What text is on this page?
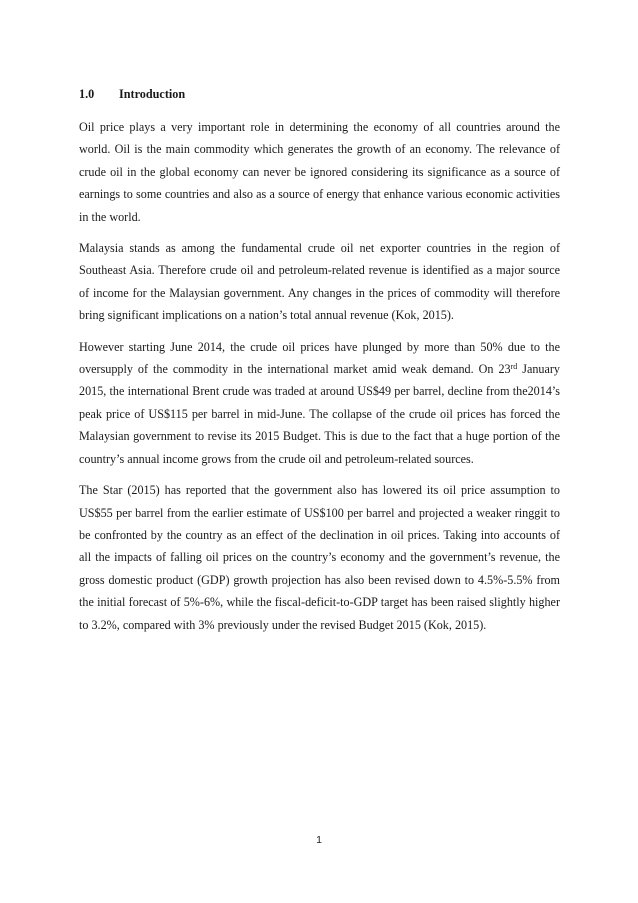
1.0	Introduction

Oil price plays a very important role in determining the economy of all countries around the world. Oil is the main commodity which generates the growth of an economy. The relevance of crude oil in the global economy can never be ignored considering its significance as a source of earnings to some countries and also as a source of energy that enhance various economic activities in the world.

Malaysia stands as among the fundamental crude oil net exporter countries in the region of Southeast Asia. Therefore crude oil and petroleum-related revenue is identified as a major source of income for the Malaysian government. Any changes in the prices of commodity will therefore bring significant implications on a nation’s total annual revenue (Kok, 2015).

However starting June 2014, the crude oil prices have plunged by more than 50% due to the oversupply of the commodity in the international market amid weak demand. On 23rd January 2015, the international Brent crude was traded at around US$49 per barrel, decline from the2014’s peak price of US$115 per barrel in mid-June. The collapse of the crude oil prices has forced the Malaysian government to revise its 2015 Budget. This is due to the fact that a huge portion of the country’s annual income grows from the crude oil and petroleum-related sources.

The Star (2015) has reported that the government also has lowered its oil price assumption to US$55 per barrel from the earlier estimate of US$100 per barrel and projected a weaker ringgit to be confronted by the country as an effect of the declination in oil prices. Taking into accounts of all the impacts of falling oil prices on the country’s economy and the government’s revenue, the gross domestic product (GDP) growth projection has also been revised down to 4.5%-5.5% from the initial forecast of 5%-6%, while the fiscal-deficit-to-GDP target has been raised slightly higher to 3.2%, compared with 3% previously under the revised Budget 2015 (Kok, 2015).

1
